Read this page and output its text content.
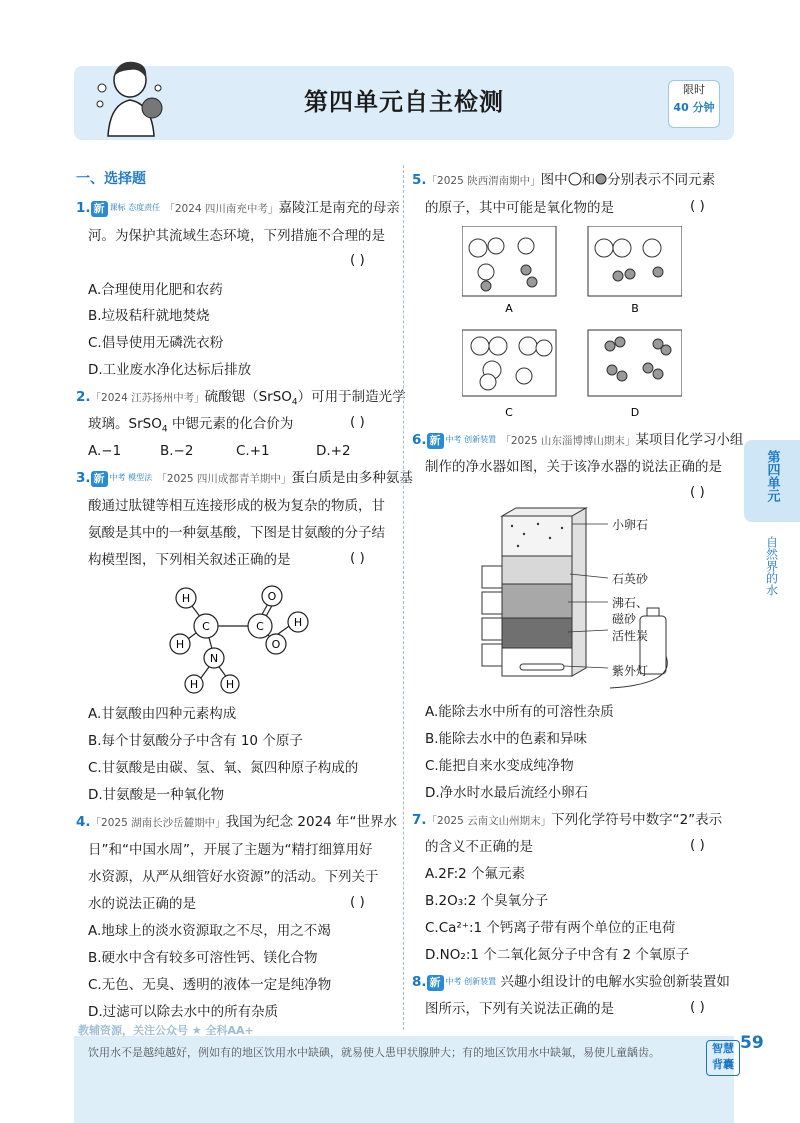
第四单元自主检测	限时
40 分钟
第四单元
自然界的水
一、选择题
1. 新 课标 态度责任 「2024 四川南充中考」嘉陵江是南充的母亲
河。为保护其流域生态环境，下列措施不合理的是
( )
A.合理使用化肥和农药
B.垃圾秸秆就地焚烧
C.倡导使用无磷洗衣粉
D.工业废水净化达标后排放
2.「2024 江苏扬州中考」硫酸锶（SrSO$_4$）可用于制造光学
玻璃。SrSO$_4$ 中锶元素的化合价为	( )
A.−1	B.−2	C.+1	D.+2
3. 新 中考 模型法 「2025 四川成都青羊期中」蛋白质是由多种氨基
酸通过肽键等相互连接形成的极为复杂的物质，甘
氨酸是其中的一种氨基酸，下图是甘氨酸的分子结
构模型图，下列相关叙述正确的是	( )
H
H
C	C
O
O
H
H
N
H
A.甘氨酸由四种元素构成
B.每个甘氨酸分子中含有 10 个原子
C.甘氨酸是由碳、氢、氧、氮四种原子构成的
D.甘氨酸是一种氧化物
4.「2025 湖南长沙岳麓期中」我国为纪念 2024 年“世界水
日”和“中国水周”，开展了主题为“精打细算用好
水资源，从严从细管好水资源”的活动。下列关于
水的说法正确的是	( )
A.地球上的淡水资源取之不尽，用之不竭
B.硬水中含有较多可溶性钙、镁化合物
C.无色、无臭、透明的液体一定是纯净物
D.过滤可以除去水中的所有杂质
5.「2025 陕西渭南期中」图中 和 分别表示不同元素
的原子，其中可能是氧化物的是	( )
A	B
C	D
6. 新 中考 创新装置 「2025 山东淄博博山期末」某项目化学习小组
制作的净水器如图，关于该净水器的说法正确的是
( )
小卵石
石英砂
沸石、
磁砂
活性炭
紫外灯
A.能除去水中所有的可溶性杂质
B.能除去水中的色素和异味
C.能把自来水变成纯净物
D.净水时水最后流经小卵石
7.「2025 云南文山州期末」下列化学符号中数字“2”表示
的含义不正确的是	( )
A.2F:2 个氟元素
B.2O₃:2 个臭氧分子
C.Ca²⁺:1 个钙离子带有两个单位的正电荷
D.NO₂:1 个二氧化氮分子中含有 2 个氧原子
8. 新 中考 创新装置 兴趣小组设计的电解水实验创新装置如
图所示，下列有关说法正确的是	( )
教辅资源，关注公众号 ★ 全科AA+
饮用水不是越纯越好，例如有的地区饮用水中缺碘，就易使人患甲状腺肿大；有的地区饮用水中缺氟，易使儿童龋齿。	智慧背囊
59
